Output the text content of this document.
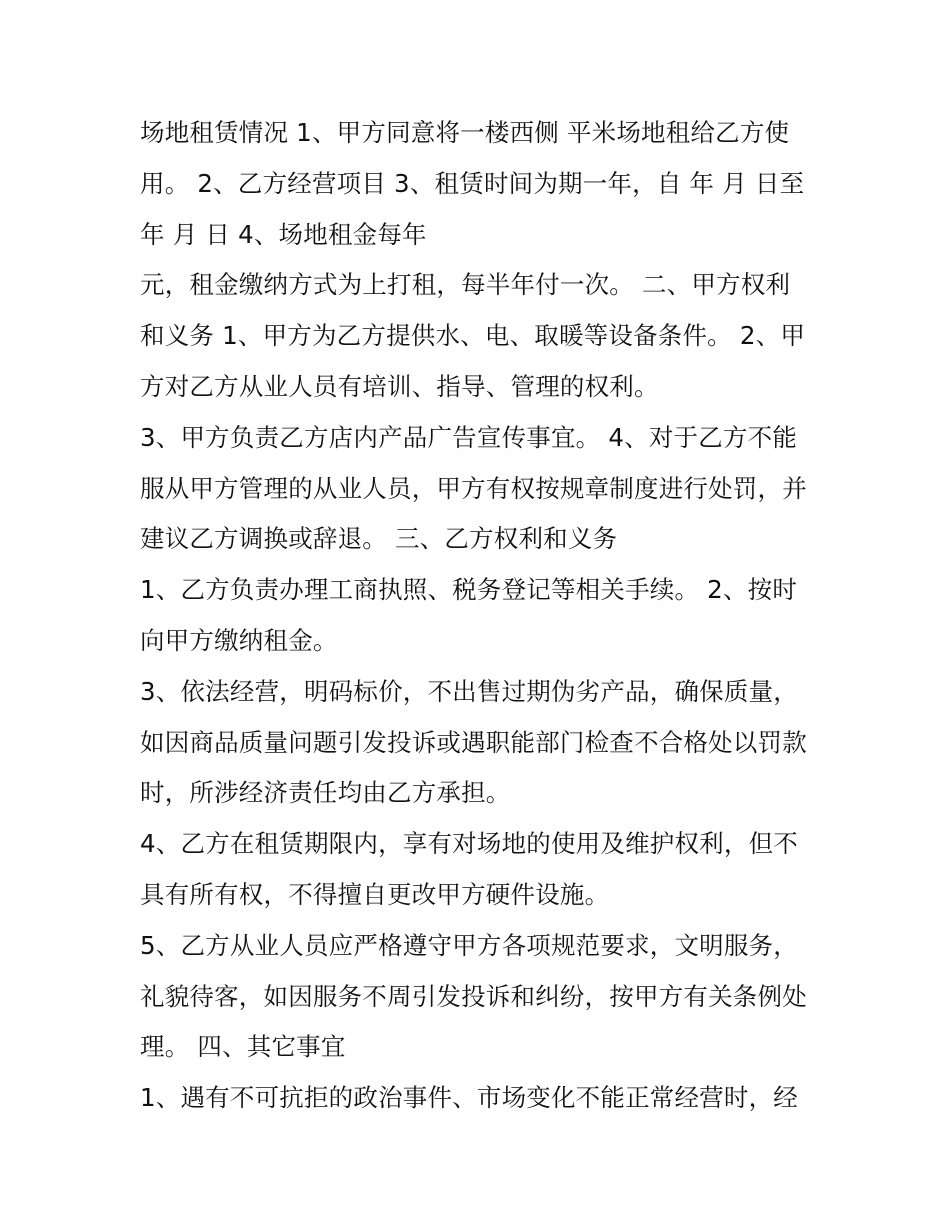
场地租赁情况 1、甲方同意将一楼西侧 平米场地租给乙方使
用。 2、乙方经营项目 3、租赁时间为期一年，自 年 月 日至
年 月 日 4、场地租金每年
元，租金缴纳方式为上打租，每半年付一次。 二、甲方权利
和义务 1、甲方为乙方提供水、电、取暖等设备条件。 2、甲
方对乙方从业人员有培训、指导、管理的权利。
3、甲方负责乙方店内产品广告宣传事宜。 4、对于乙方不能
服从甲方管理的从业人员，甲方有权按规章制度进行处罚，并
建议乙方调换或辞退。 三、乙方权利和义务
1、乙方负责办理工商执照、税务登记等相关手续。 2、按时
向甲方缴纳租金。
3、依法经营，明码标价，不出售过期伪劣产品，确保质量，
如因商品质量问题引发投诉或遇职能部门检查不合格处以罚款
时，所涉经济责任均由乙方承担。
4、乙方在租赁期限内，享有对场地的使用及维护权利，但不
具有所有权，不得擅自更改甲方硬件设施。
5、乙方从业人员应严格遵守甲方各项规范要求，文明服务，
礼貌待客，如因服务不周引发投诉和纠纷，按甲方有关条例处
理。 四、其它事宜
1、遇有不可抗拒的政治事件、市场变化不能正常经营时，经
